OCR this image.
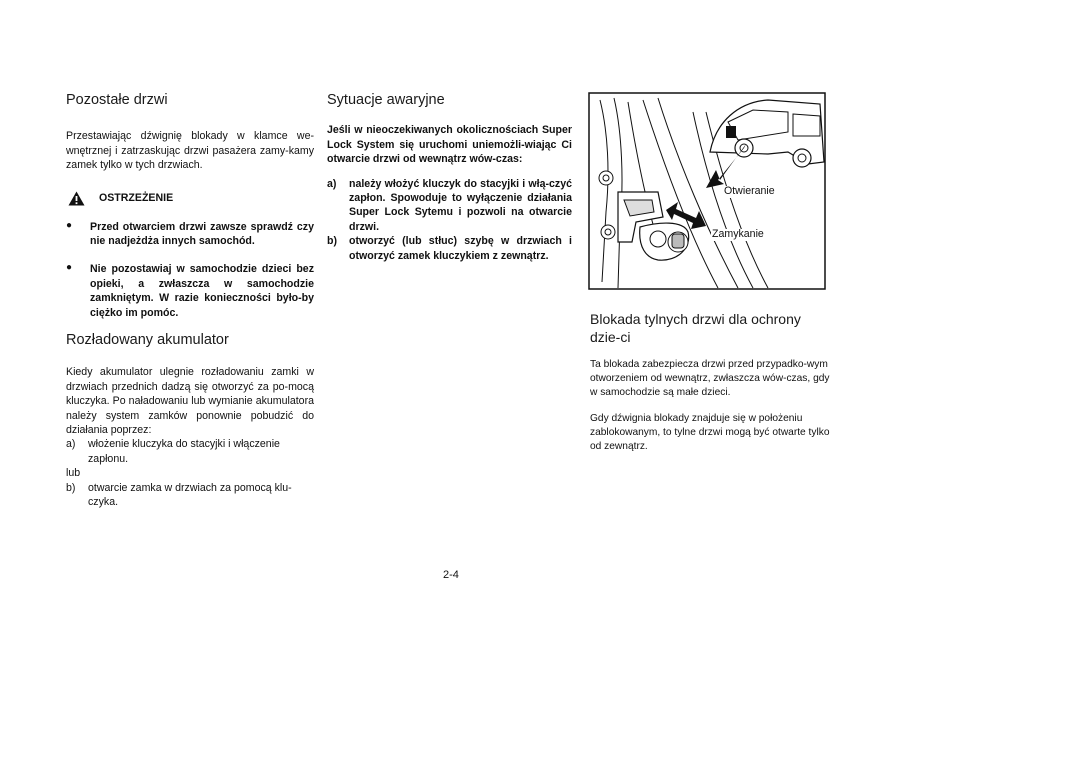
Pozostałe drzwi

Przestawiając dźwignię blokady w klamce we-wnętrznej i zatrzaskując drzwi pasażera zamy-kamy zamek tylko w tych drzwiach.

OSTRZEŻENIE
●	Przed otwarciem drzwi zawsze sprawdź czy nie nadjeżdża innych samochód.

●	Nie pozostawiaj w samochodzie dzieci bez opieki, a zwłaszcza w samochodzie zamkniętym. W razie konieczności było-by ciężko im pomóc.

Rozładowany akumulator

Kiedy akumulator ulegnie rozładowaniu zamki w drzwiach przednich dadzą się otworzyć za po-mocą kluczyka. Po naładowaniu lub wymianie akumulatora należy system zamków ponownie pobudzić do działania poprzez:

a)	włożenie kluczyka do stacyjki i włączenie zapłonu.

lub

b)	otwarcie zamka w drzwiach za pomocą klu-czyka.

Sytuacje awaryjne

Jeśli w nieoczekiwanych okolicznościach Super Lock System się uruchomi uniemożli-wiając Ci otwarcie drzwi od wewnątrz wów-czas:

a)	należy włożyć kluczyk do stacyjki i włą-czyć zapłon. Spowoduje to wyłączenie działania Super Lock Sytemu i pozwoli na otwarcie drzwi.

b)	otworzyć (lub stłuc) szybę w drzwiach i otworzyć zamek kluczykiem z zewnątrz.

Otwieranie
Zamykanie
Blokada tylnych drzwi dla ochrony dzie-ci

Ta blokada zabezpiecza drzwi przed przypadko-wym otworzeniem od wewnątrz, zwłaszcza wów-czas, gdy w samochodzie są małe dzieci.

Gdy dźwignia blokady znajduje się w położeniu zablokowanym, to tylne drzwi mogą być otwarte tylko od zewnątrz.

2-4
